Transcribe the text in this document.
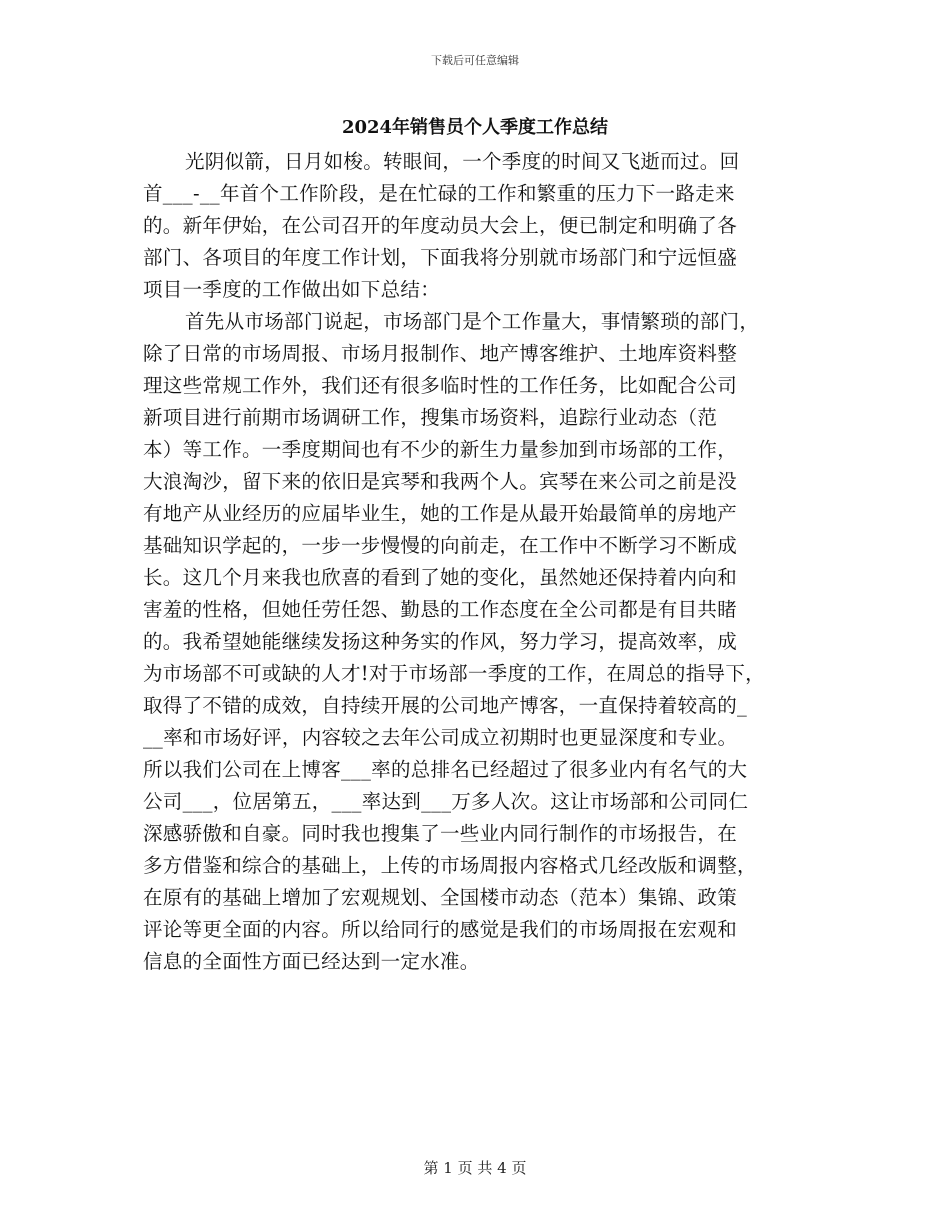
下载后可任意编辑
2024年销售员个人季度工作总结
光阴似箭，日月如梭。转眼间，一个季度的时间又飞逝而过。回
首___-__年首个工作阶段，是在忙碌的工作和繁重的压力下一路走来
的。新年伊始，在公司召开的年度动员大会上，便已制定和明确了各
部门、各项目的年度工作计划，下面我将分别就市场部门和宁远恒盛
项目一季度的工作做出如下总结：
首先从市场部门说起，市场部门是个工作量大，事情繁琐的部门，
除了日常的市场周报、市场月报制作、地产博客维护、土地库资料整
理这些常规工作外，我们还有很多临时性的工作任务，比如配合公司
新项目进行前期市场调研工作，搜集市场资料，追踪行业动态（范
本）等工作。一季度期间也有不少的新生力量参加到市场部的工作，
大浪淘沙，留下来的依旧是宾琴和我两个人。宾琴在来公司之前是没
有地产从业经历的应届毕业生，她的工作是从最开始最简单的房地产
基础知识学起的，一步一步慢慢的向前走，在工作中不断学习不断成
长。这几个月来我也欣喜的看到了她的变化，虽然她还保持着内向和
害羞的性格，但她任劳任怨、勤恳的工作态度在全公司都是有目共睹
的。我希望她能继续发扬这种务实的作风，努力学习，提高效率，成
为市场部不可或缺的人才!对于市场部一季度的工作，在周总的指导下，
取得了不错的成效，自持续开展的公司地产博客，一直保持着较高的_
__率和市场好评，内容较之去年公司成立初期时也更显深度和专业。
所以我们公司在上博客___率的总排名已经超过了很多业内有名气的大
公司___，位居第五，___率达到___万多人次。这让市场部和公司同仁
深感骄傲和自豪。同时我也搜集了一些业内同行制作的市场报告，在
多方借鉴和综合的基础上，上传的市场周报内容格式几经改版和调整，
在原有的基础上增加了宏观规划、全国楼市动态（范本）集锦、政策
评论等更全面的内容。所以给同行的感觉是我们的市场周报在宏观和
信息的全面性方面已经达到一定水准。
第 1 页 共 4 页
